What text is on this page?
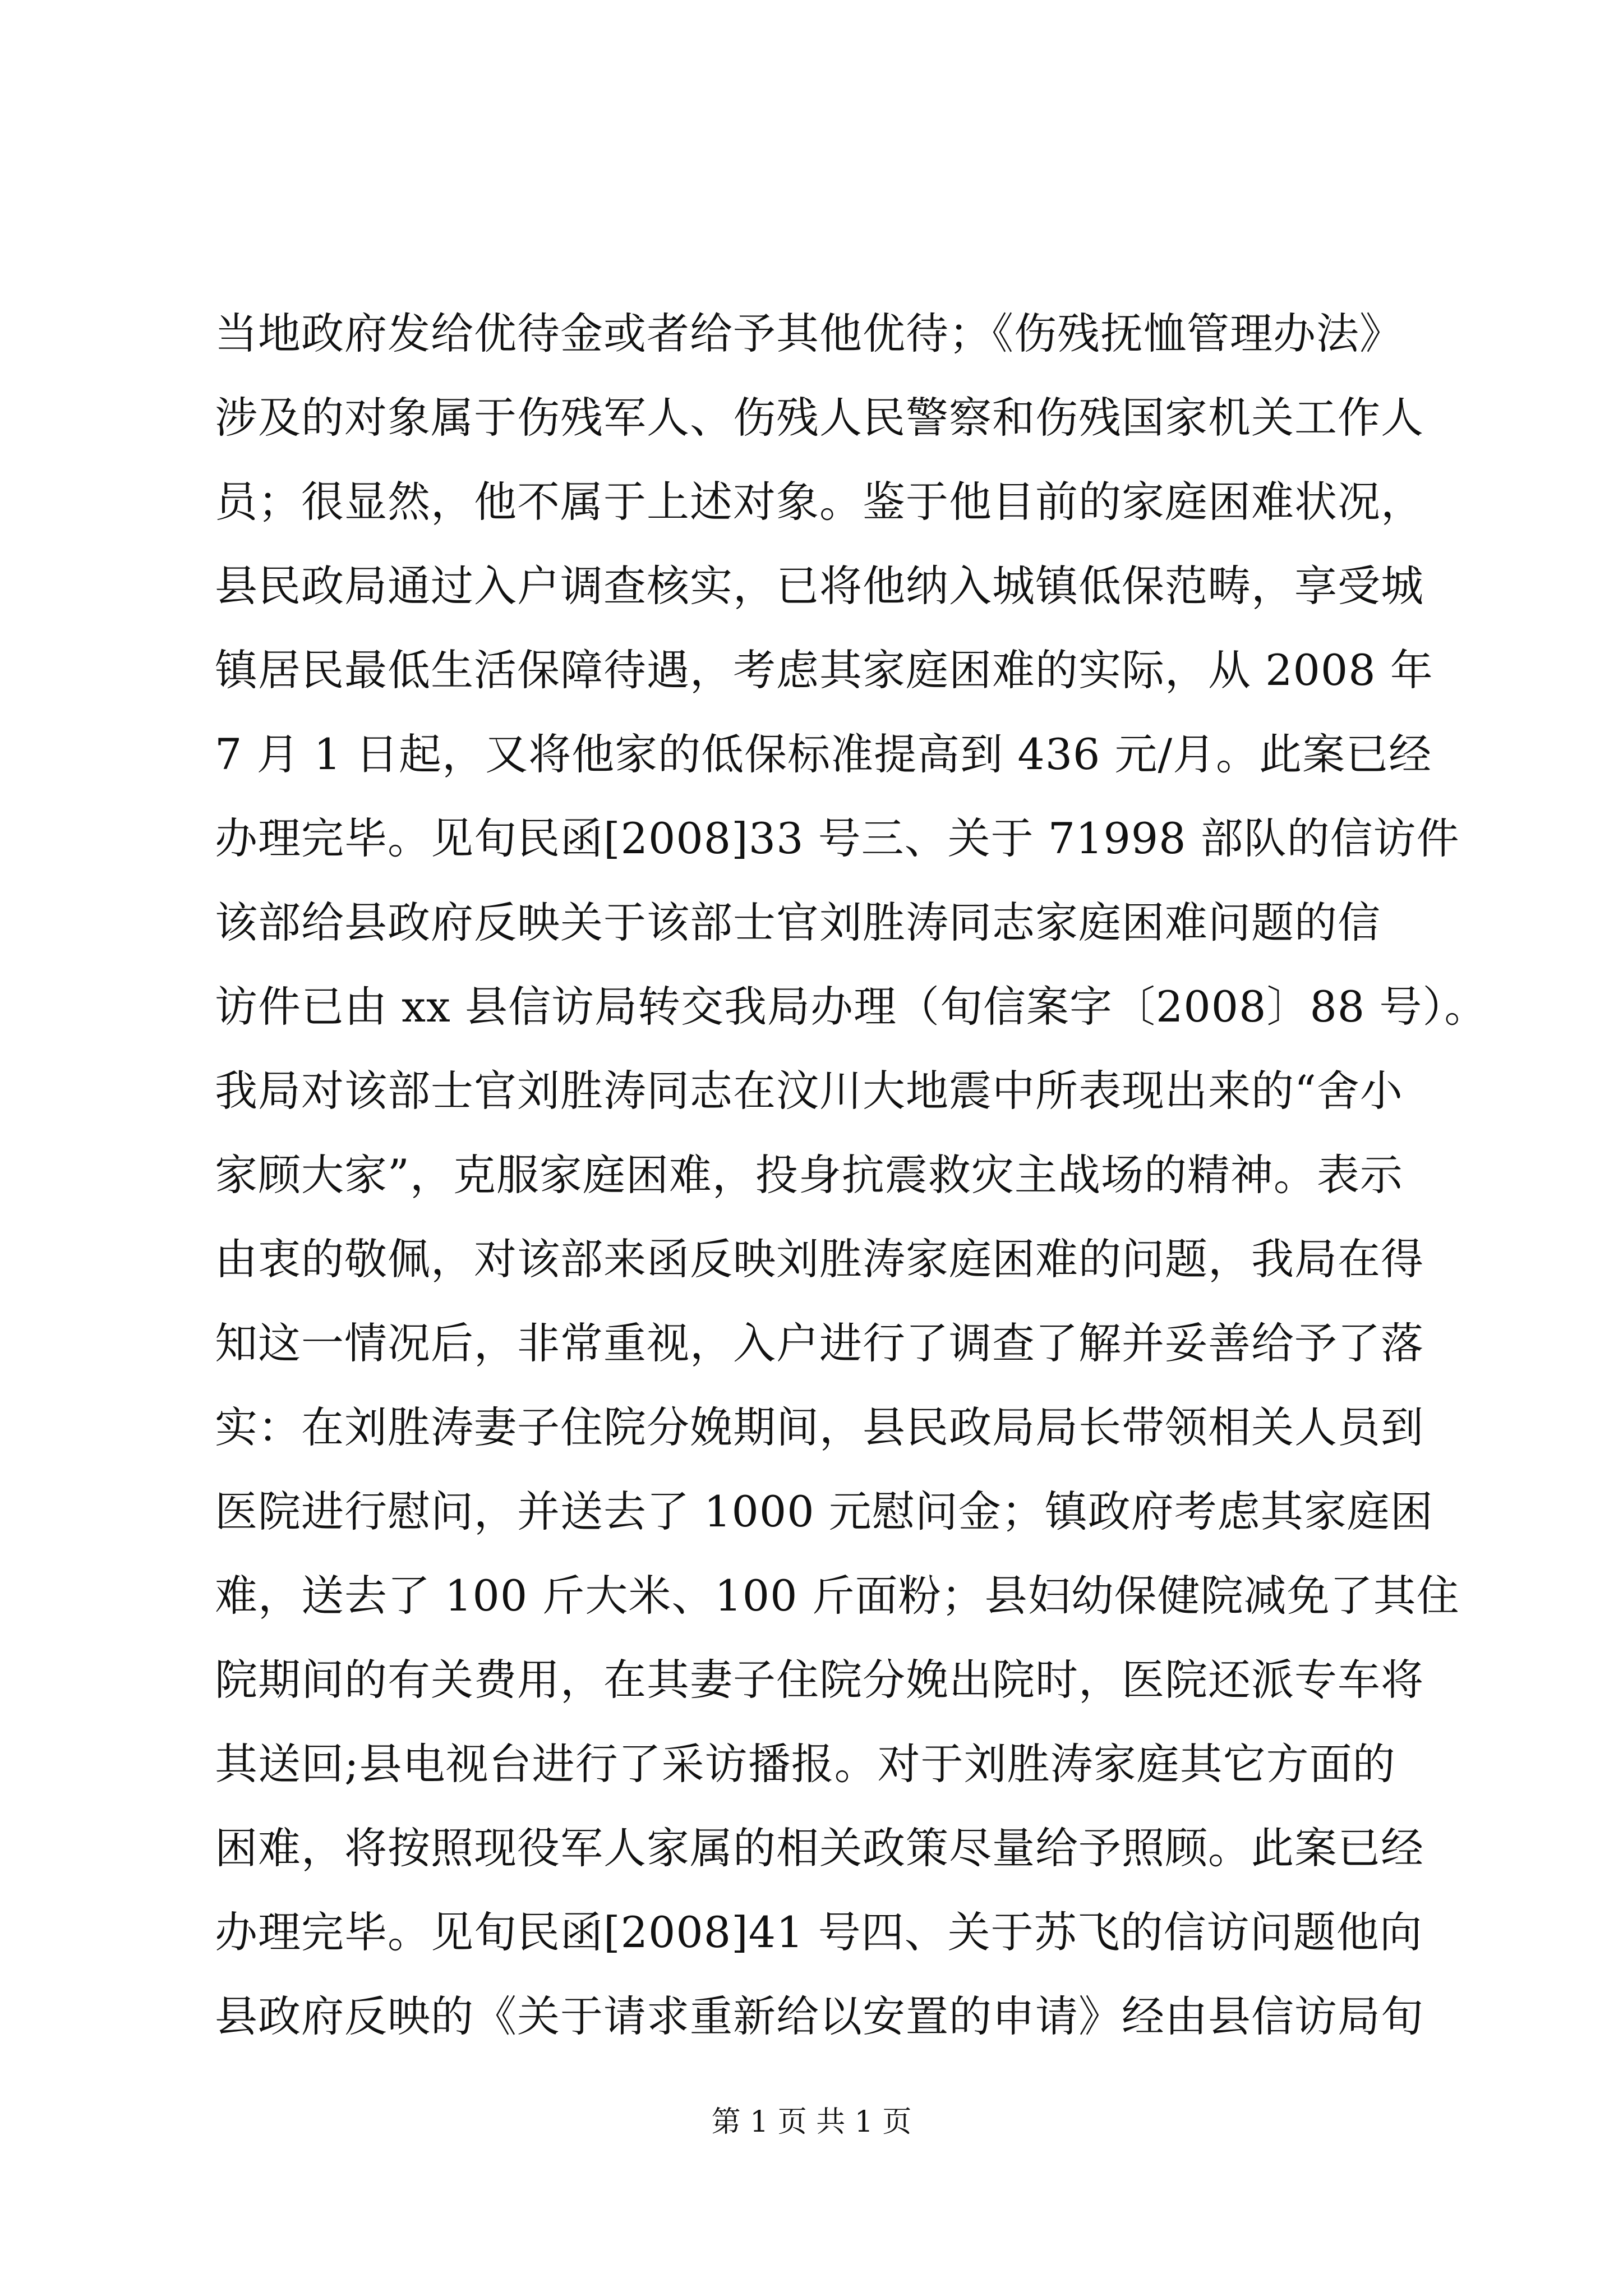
当地政府发给优待金或者给予其他优待；《伤残抚恤管理办法》
涉及的对象属于伤残军人、伤残人民警察和伤残国家机关工作人
员；很显然，他不属于上述对象。鉴于他目前的家庭困难状况，
县民政局通过入户调查核实，已将他纳入城镇低保范畴，享受城
镇居民最低生活保障待遇，考虑其家庭困难的实际，从 2008 年
7 月 1 日起，又将他家的低保标准提高到 436 元/月。此案已经
办理完毕。见旬民函[2008]33 号三、关于 71998 部队的信访件
该部给县政府反映关于该部士官刘胜涛同志家庭困难问题的信
访件已由 xx 县信访局转交我局办理（旬信案字〔2008〕88 号）。
我局对该部士官刘胜涛同志在汶川大地震中所表现出来的“舍小
家顾大家”，克服家庭困难，投身抗震救灾主战场的精神。表示
由衷的敬佩，对该部来函反映刘胜涛家庭困难的问题，我局在得
知这一情况后，非常重视，入户进行了调查了解并妥善给予了落
实：在刘胜涛妻子住院分娩期间，县民政局局长带领相关人员到
医院进行慰问，并送去了 1000 元慰问金；镇政府考虑其家庭困
难，送去了 100 斤大米、100 斤面粉；县妇幼保健院减免了其住
院期间的有关费用，在其妻子住院分娩出院时，医院还派专车将
其送回;县电视台进行了采访播报。对于刘胜涛家庭其它方面的
困难，将按照现役军人家属的相关政策尽量给予照顾。此案已经
办理完毕。见旬民函[2008]41 号四、关于苏飞的信访问题他向
县政府反映的《关于请求重新给以安置的申请》经由县信访局旬
第 1 页 共 1 页
